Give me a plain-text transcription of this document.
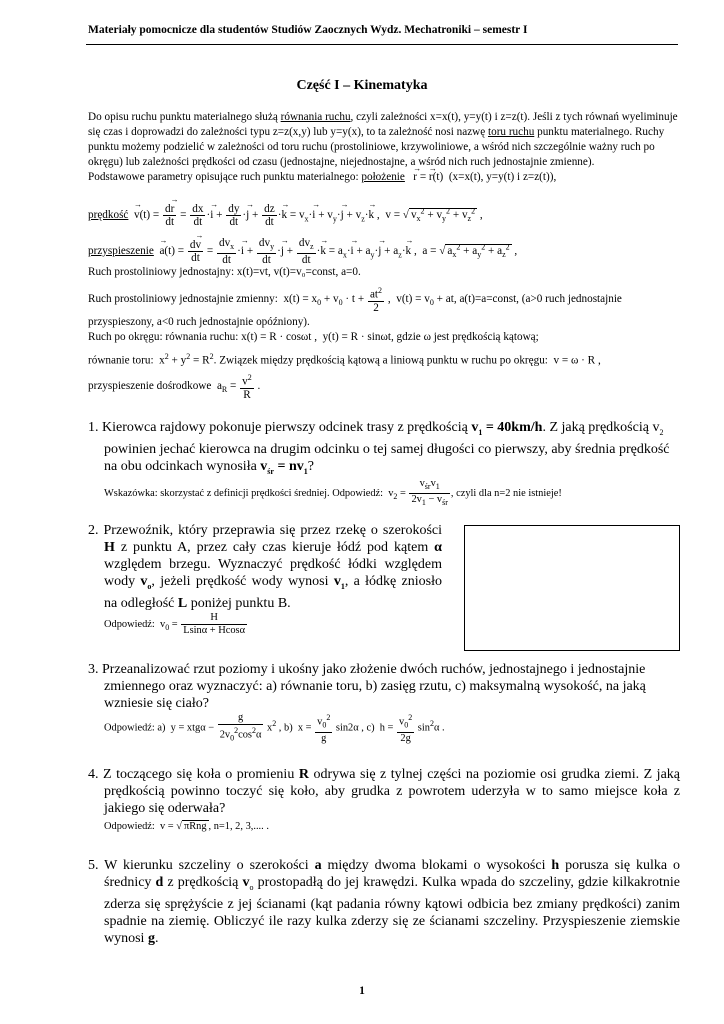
Materiały pomocnicze dla studentów Studiów Zaocznych Wydz. Mechatroniki – semestr I
Część I – Kinematyka
Do opisu ruchu punktu materialnego służą równania ruchu, czyli zależności x=x(t), y=y(t) i z=z(t). Jeśli z tych równań wyeliminuje się czas i doprowadzi do zależności typu z=z(x,y) lub y=y(x), to ta zależność nosi nazwę toru ruchu punktu materialnego. Ruchy punktu możemy podzielić w zależności od toru ruchu (prostoliniowe, krzywoliniowe, a wśród nich szczególnie ważny ruch po okręgu) lub zależności prędkości od czasu (jednostajne, niejednostajne, a wśród nich ruch jednostajnie zmienne).
Podstawowe parametry opisujące ruch punktu materialnego: położenie → r = → r(t)  (x=x(t), y=y(t) i z=z(t)),
prędkość → $v(t) = \frac{d\to r}{dt} = \frac{dx}{dt} \cdot\to i + \frac{dy}{dt} \cdot\to j + \frac{dz}{dt} \cdot\to k = v_x\cdot\to i + v_y\cdot\to j + v_z\cdot\to k$ ,  v = √ $v_x^2 + v_y^2 + v_z^2$ ,
przyspieszenie → $a(t) = \frac{d\to v}{dt}$ =
$dv_x$
dt
·→ i +
$dv_y$
dt
·→ j +
$dv_z$
dt
·→ $k = a_x\cdot\to i + a_y\cdot\to j + a_z\cdot\to k$ ,  a = √ $a_x^2 + a_y^2 + a_z^2$ ,
Ruch prostoliniowy jednostajny: x(t)=vt, v(t)=v₀=const, a=0.
Ruch prostoliniowy jednostajnie zmienny:  $x(t) = x_0 + v_0 \cdot t + \frac{at^2}{2}$ ,  $v(t) = v_0$ + at, a(t)=a=const, (a>0 ruch jednostajnie
przyspieszony, a<0 ruch jednostajnie opóźniony).
Ruch po okręgu: równania ruchu: x(t) = R · cosωt ,  y(t) = R · sinωt, gdzie ω jest prędkością kątową;
równanie toru:  $x^2 + y^2 = R^2$. Związek między prędkością kątową a liniową punktu w ruchu po okręgu:  v = ω · R ,
przyspieszenie dośrodkowe  $a_R = \frac{v^2}{R}$ .
1. Kierowca rajdowy pokonuje pierwszy odcinek trasy z prędkością $v_1 = 40km/h$. Z jaką prędkością $v_2$ powinien jechać kierowca na drugim odcinku o tej samej długości co pierwszy, aby średnia prędkość na obu odcinkach wynosiła $v_{śr} = nv_1$?
Wskazówka: skorzystać z definicji prędkości średniej. Odpowiedź:  $v_2$ =
$v_{śr}v_1$
$2v_1 - v_{śr}$
, czyli dla n=2 nie istnieje!
2. Przewoźnik, który przeprawia się przez rzekę o szerokości H z punktu A, przez cały czas kieruje łódź pod kątem α względem brzegu. Wyznaczyć prędkość łódki względem wody $v_o$, jeżeli prędkość wody wynosi $v_1$, a łódkę zniosło na odległość L poniżej punktu B.
Odpowiedź:  $v_0 = \frac{H}{Lsin\alpha + Hcos\alpha}$
3. Przeanalizować rzut poziomy i ukośny jako złożenie dwóch ruchów, jednostajnego i jednostajnie zmiennego oraz wyznaczyć: a) równanie toru, b) zasięg rzutu, c) maksymalną wysokość, na jaką wzniesie się ciało?
Odpowiedź: a)  $y = xtg\alpha - \frac{g}{2v_0^2\cos^2\alpha} x^2$ , b)  $x = \frac{v_0^2}{g} \sin 2\alpha$ , c)  $h = \frac{v_0^2}{2g} \sin^2\alpha$ .
4. Z toczącego się koła o promieniu R odrywa się z tylnej części na poziomie osi grudka ziemi. Z jaką prędkością powinno toczyć się koło, aby grudka z powrotem uderzyła w to samo miejsce koła z jakiego się oderwała?
Odpowiedź:  v = √ πRng , n=1, 2, 3,.... .
5. W kierunku szczeliny o szerokości a między dwoma blokami o wysokości h porusza się kulka o średnicy d z prędkością $v_o$ prostopadłą do jej krawędzi. Kulka wpada do szczeliny, gdzie kilkakrotnie zderza się sprężyście z jej ścianami (kąt padania równy kątowi odbicia bez zmiany prędkości) zanim spadnie na ziemię. Obliczyć ile razy kulka zderzy się ze ścianami szczeliny. Przyspieszenie ziemskie wynosi g.
1
